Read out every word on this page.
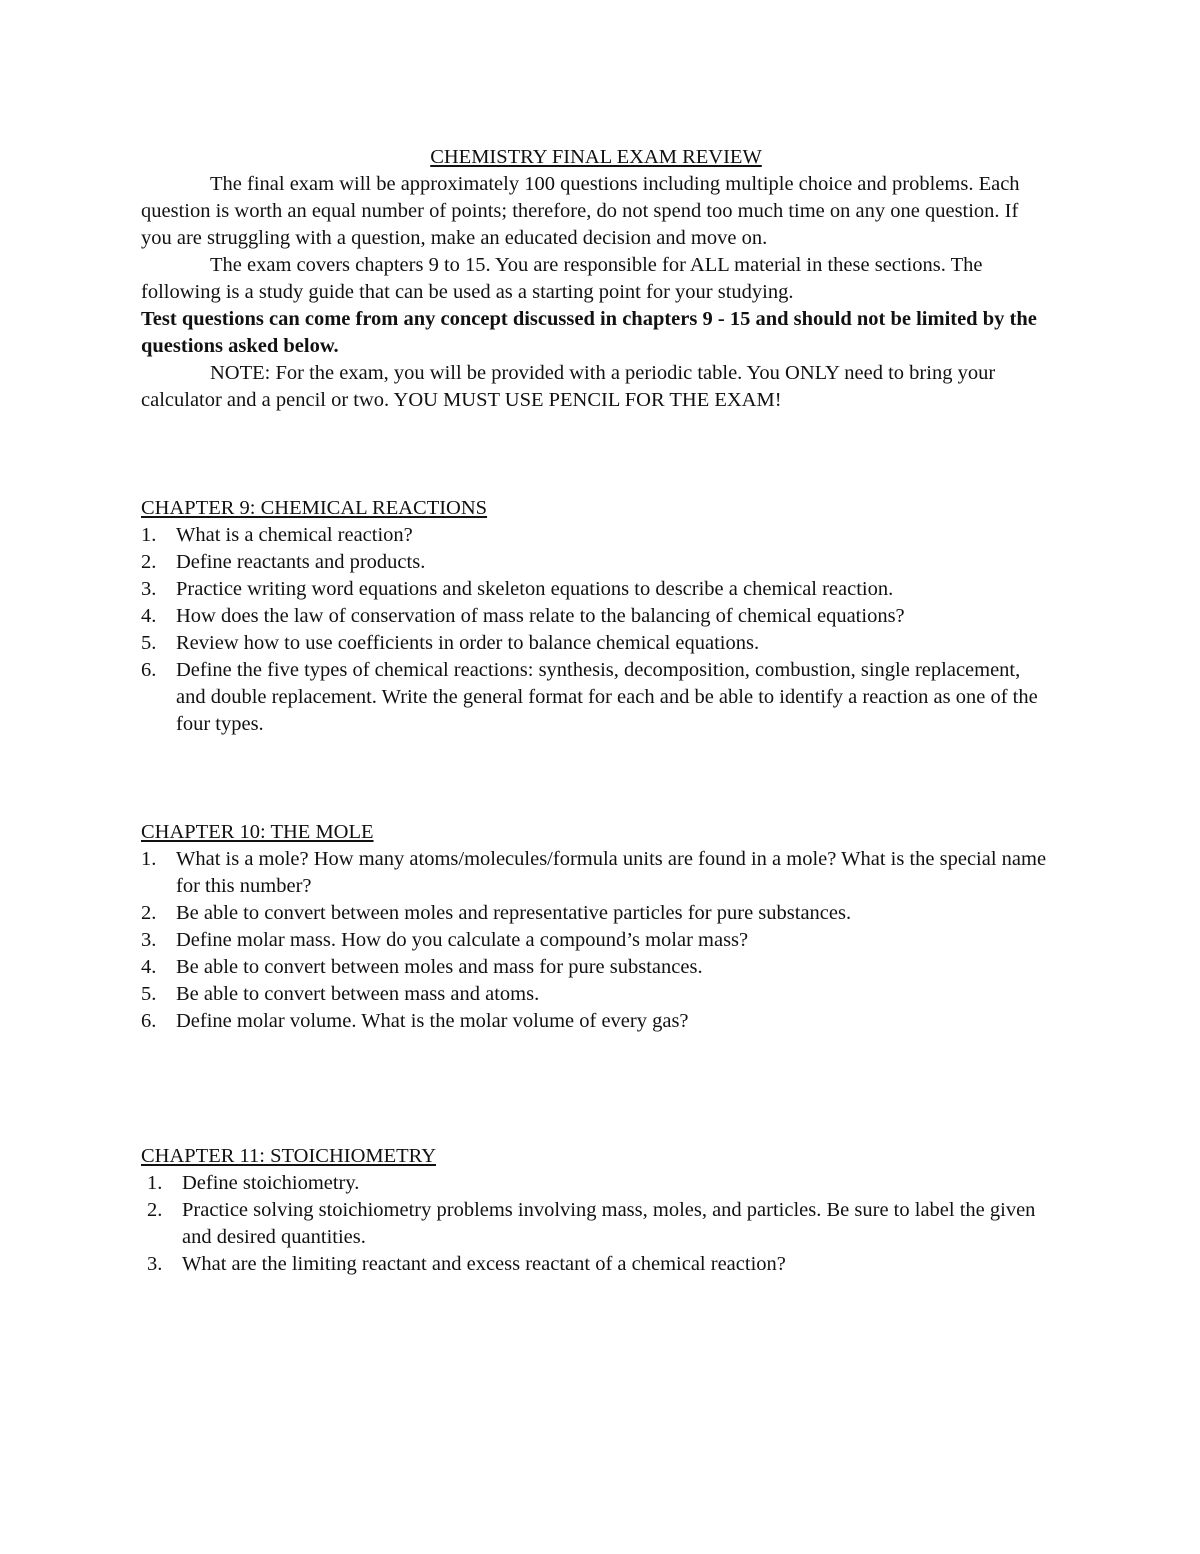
CHEMISTRY FINAL EXAM REVIEW

The final exam will be approximately 100 questions including multiple choice and problems. Each question is worth an equal number of points; therefore, do not spend too much time on any one question. If you are struggling with a question, make an educated decision and move on.

The exam covers chapters 9 to 15. You are responsible for ALL material in these sections. The following is a study guide that can be used as a starting point for your studying.

Test questions can come from any concept discussed in chapters 9 - 15 and should not be limited by the questions asked below.

NOTE: For the exam, you will be provided with a periodic table. You ONLY need to bring your calculator and a pencil or two. YOU MUST USE PENCIL FOR THE EXAM!

CHAPTER 9: CHEMICAL REACTIONS

1. What is a chemical reaction?
2. Define reactants and products.
3. Practice writing word equations and skeleton equations to describe a chemical reaction.
4. How does the law of conservation of mass relate to the balancing of chemical equations?
5. Review how to use coefficients in order to balance chemical equations.
6. Define the five types of chemical reactions: synthesis, decomposition, combustion, single replacement, and double replacement. Write the general format for each and be able to identify a reaction as one of the four types.

CHAPTER 10: THE MOLE

1. What is a mole? How many atoms/molecules/formula units are found in a mole? What is the special name for this number?
2. Be able to convert between moles and representative particles for pure substances.
3. Define molar mass. How do you calculate a compound’s molar mass?
4. Be able to convert between moles and mass for pure substances.
5. Be able to convert between mass and atoms.
6. Define molar volume. What is the molar volume of every gas?

CHAPTER 11: STOICHIOMETRY

1. Define stoichiometry.
2. Practice solving stoichiometry problems involving mass, moles, and particles. Be sure to label the given and desired quantities.
3. What are the limiting reactant and excess reactant of a chemical reaction?
